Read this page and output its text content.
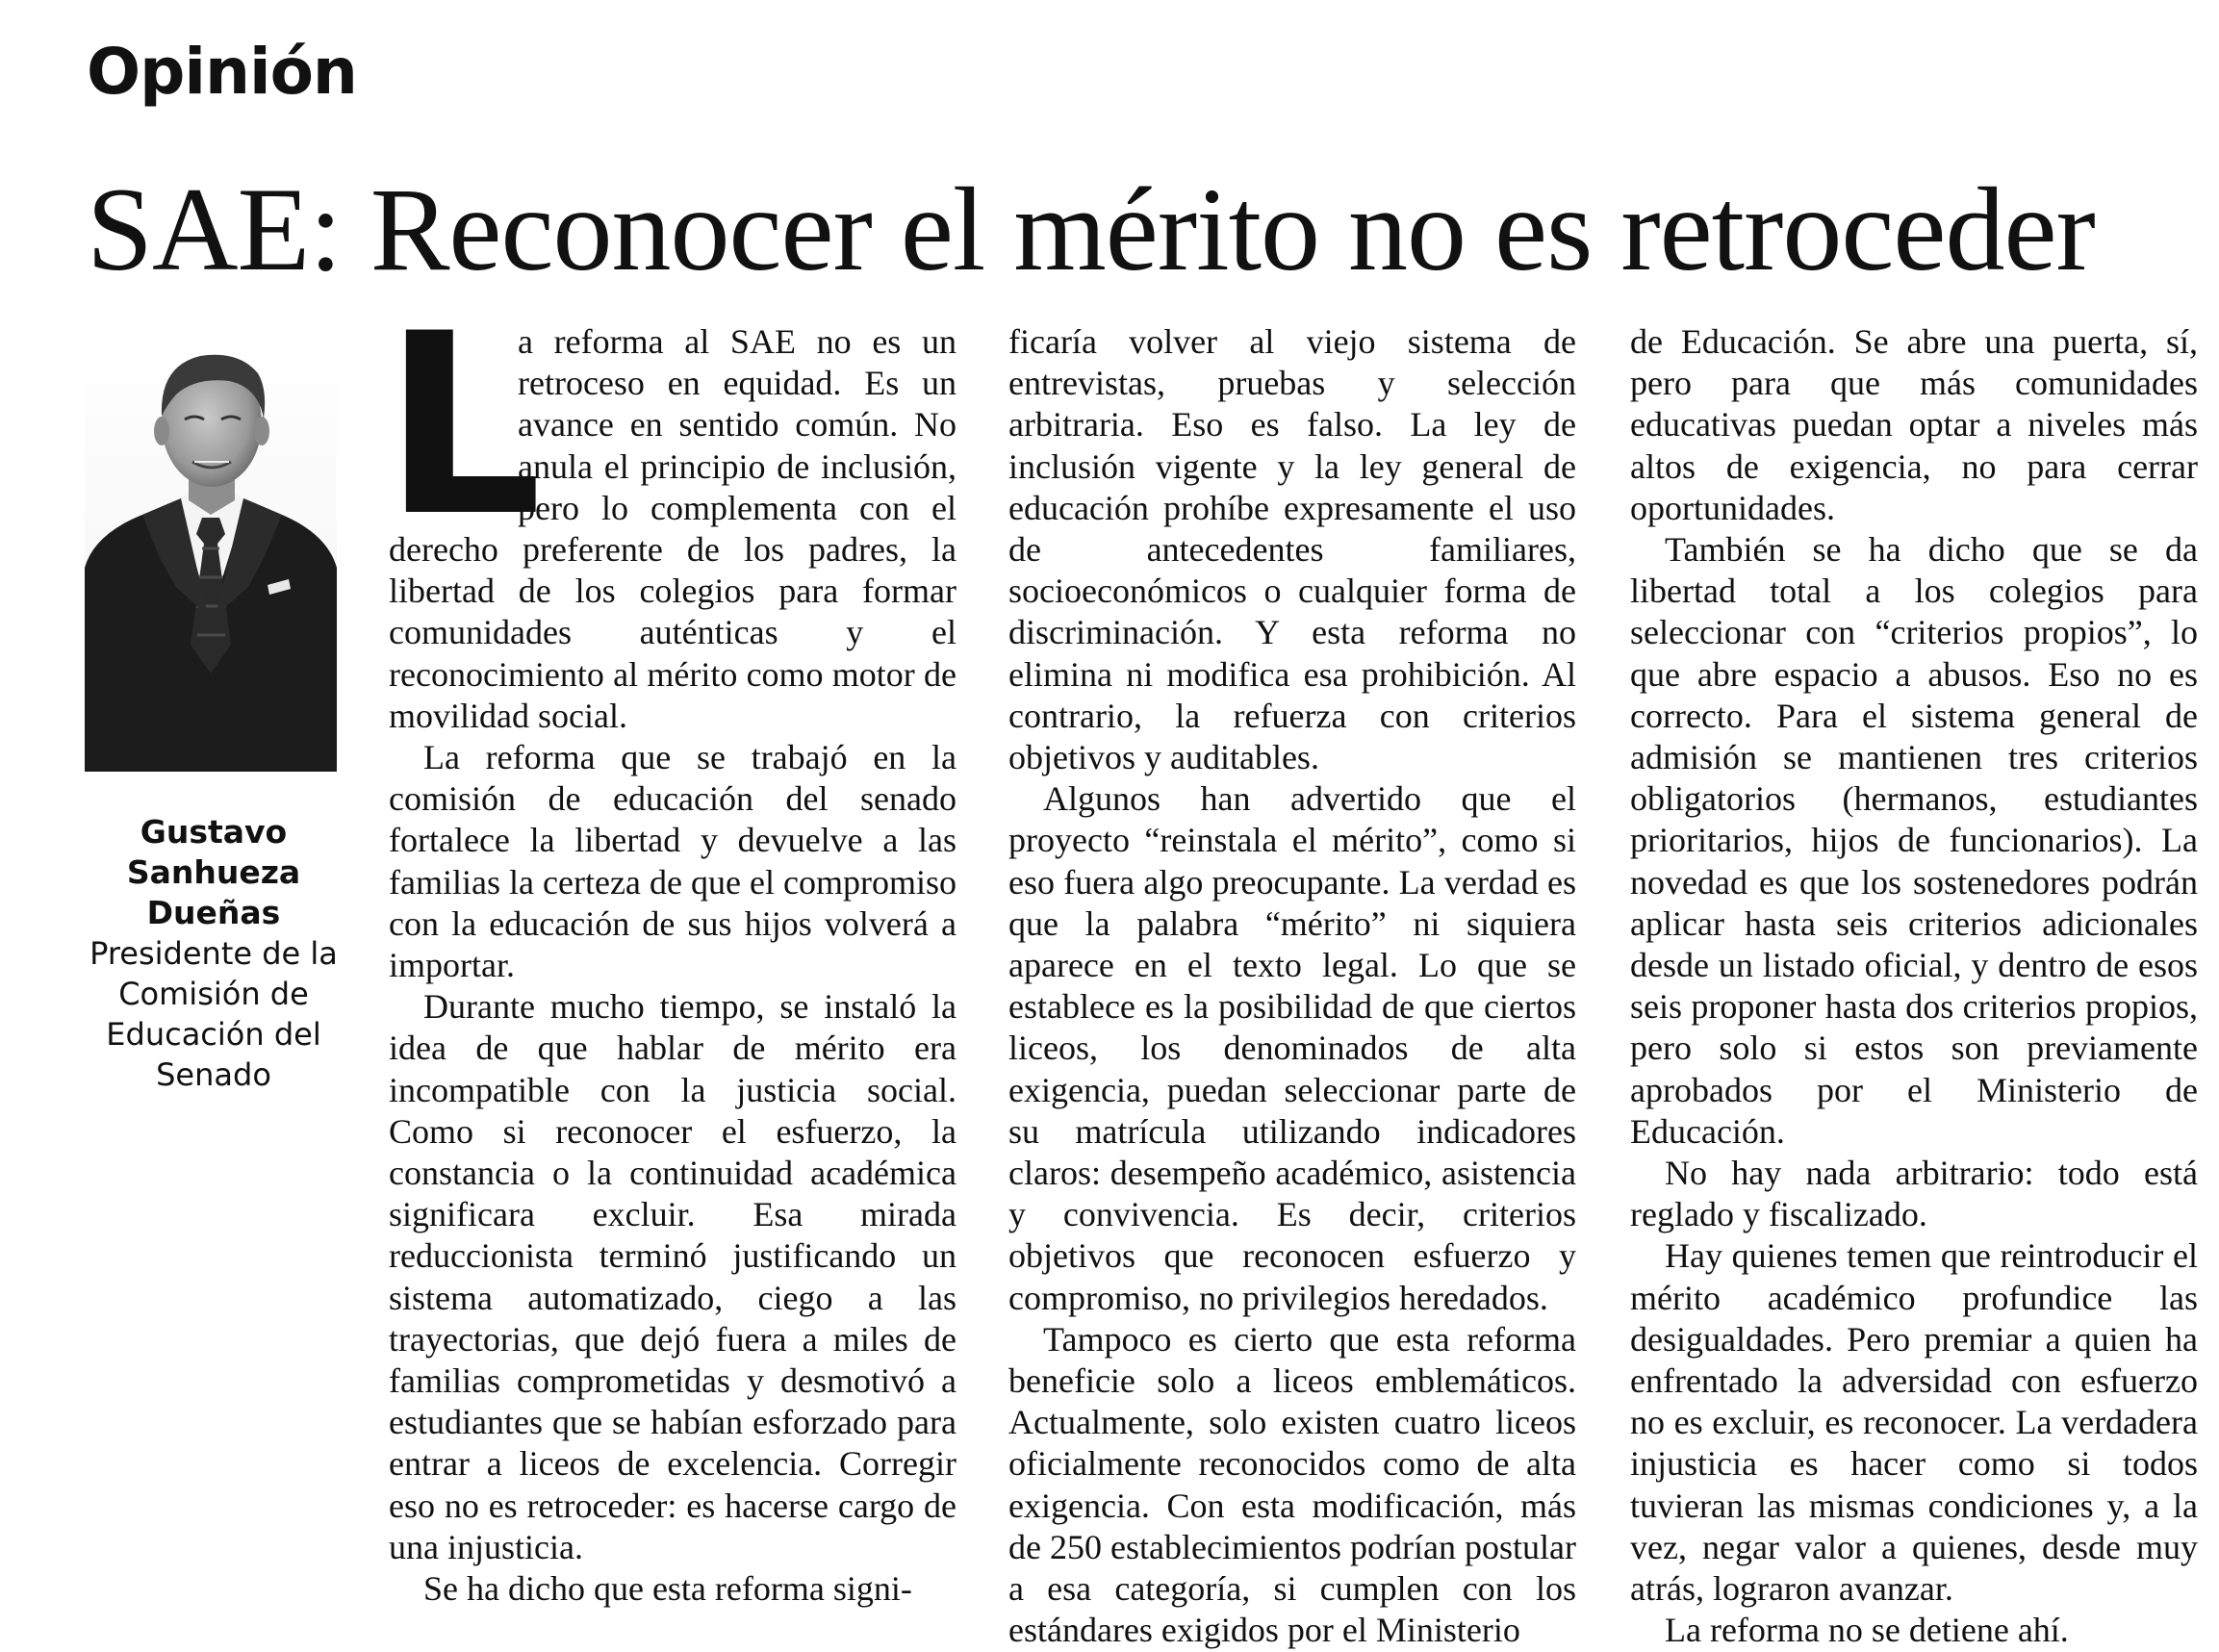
Opinión
SAE: Reconocer el mérito no es retroceder
Gustavo Sanhueza Dueñas
Presidente de la Comisión de Educación del Senado
L

a reforma al SAE no es un retroceso en equidad. Es un avance en sentido común. No anula el principio de inclusión, pero lo complementa con el derecho preferente de los padres, la libertad de los colegios para formar comunidades auténticas y el reconocimiento al mérito como motor de movilidad social.

La reforma que se trabajó en la comisión de educación del senado fortalece la libertad y devuelve a las familias la certeza de que el compromiso con la educación de sus hijos volverá a importar.

Durante mucho tiempo, se instaló la idea de que hablar de mérito era incompatible con la justicia social. Como si reconocer el esfuerzo, la constancia o la continuidad académica significara excluir. Esa mirada reduccionista terminó justificando un sistema automatizado, ciego a las trayectorias, que dejó fuera a miles de familias comprometidas y desmotivó a estudiantes que se habían esforzado para entrar a liceos de excelencia. Corregir eso no es retroceder: es hacerse cargo de una injusticia.

Se ha dicho que esta reforma signi-

ficaría volver al viejo sistema de entrevistas, pruebas y selección arbitraria. Eso es falso. La ley de inclusión vigente y la ley general de educación prohíbe expresamente el uso de antecedentes familiares, socioeconómicos o cualquier forma de discriminación. Y esta reforma no elimina ni modifica esa prohibición. Al contrario, la refuerza con criterios objetivos y auditables.

Algunos han advertido que el proyecto “reinstala el mérito”, como si eso fuera algo preocupante. La verdad es que la palabra “mérito” ni siquiera aparece en el texto legal. Lo que se establece es la posibilidad de que ciertos liceos, los denominados de alta exigencia, puedan seleccionar parte de su matrícula utilizando indicadores claros: desempeño académico, asistencia y convivencia. Es decir, criterios objetivos que reconocen esfuerzo y compromiso, no privilegios heredados.

Tampoco es cierto que esta reforma beneficie solo a liceos emblemáticos. Actualmente, solo existen cuatro liceos oficialmente reconocidos como de alta exigencia. Con esta modificación, más de 250 establecimientos podrían postular a esa categoría, si cumplen con los estándares exigidos por el Ministerio

de Educación. Se abre una puerta, sí, pero para que más comunidades educativas puedan optar a niveles más altos de exigencia, no para cerrar oportunidades.

También se ha dicho que se da libertad total a los colegios para seleccionar con “criterios propios”, lo que abre espacio a abusos. Eso no es correcto. Para el sistema general de admisión se mantienen tres criterios obligatorios (hermanos, estudiantes prioritarios, hijos de funcionarios). La novedad es que los sostenedores podrán aplicar hasta seis criterios adicionales desde un listado oficial, y dentro de esos seis proponer hasta dos criterios propios, pero solo si estos son previamente aprobados por el Ministerio de Educación.

No hay nada arbitrario: todo está reglado y fiscalizado.

Hay quienes temen que reintroducir el mérito académico profundice las desigualdades. Pero premiar a quien ha enfrentado la adversidad con esfuerzo no es excluir, es reconocer. La verdadera injusticia es hacer como si todos tuvieran las mismas condiciones y, a la vez, negar valor a quienes, desde muy atrás, lograron avanzar.

La reforma no se detiene ahí.
